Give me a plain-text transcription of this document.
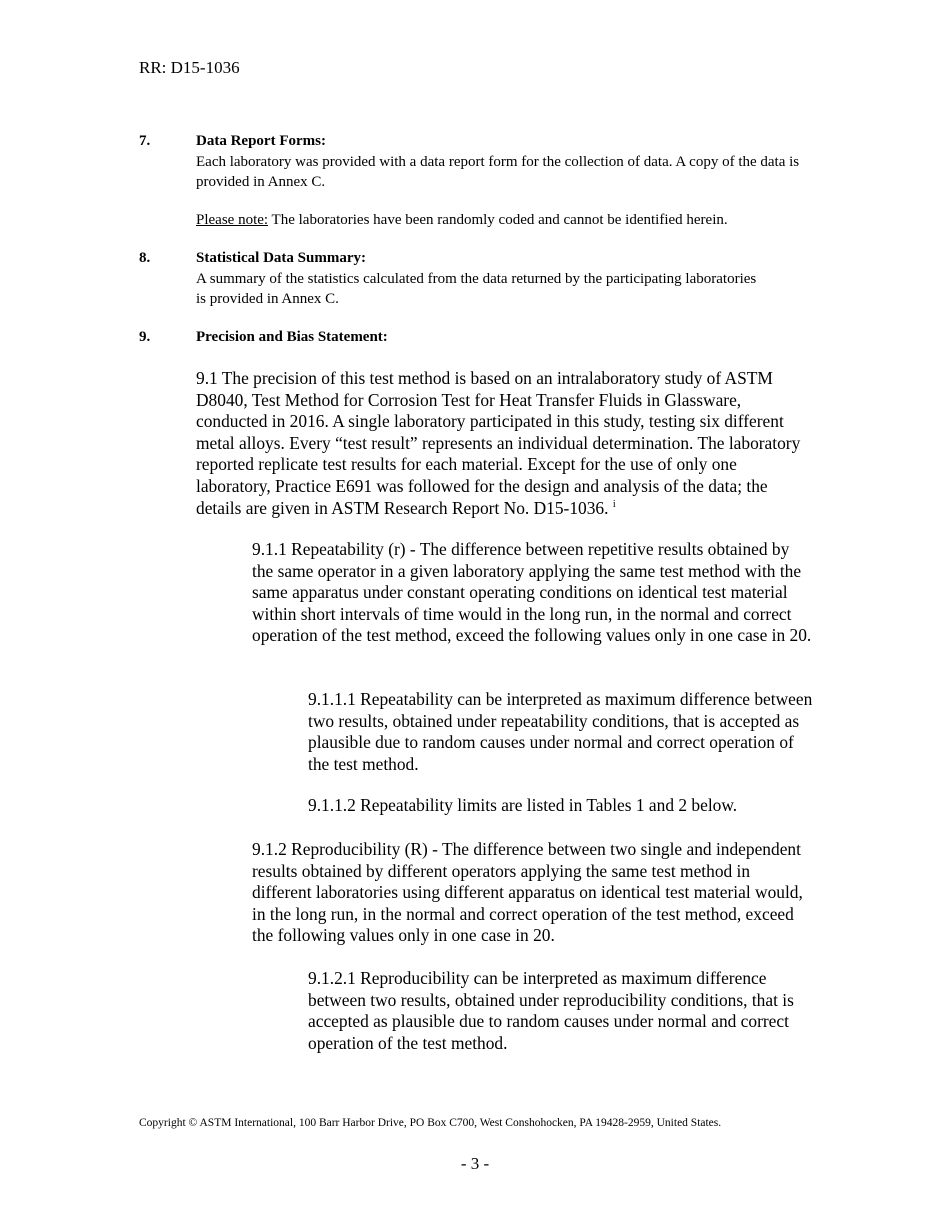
RR: D15-1036
7.	Data Report Forms:
Each laboratory was provided with a data report form for the collection of data. A copy of the data is provided in Annex C.
Please note: The laboratories have been randomly coded and cannot be identified herein.
8.	Statistical Data Summary:
A summary of the statistics calculated from the data returned by the participating laboratories is provided in Annex C.
9.	Precision and Bias Statement:
9.1 The precision of this test method is based on an intralaboratory study of ASTM D8040, Test Method for Corrosion Test for Heat Transfer Fluids in Glassware, conducted in 2016. A single laboratory participated in this study, testing six different metal alloys. Every “test result” represents an individual determination. The laboratory reported replicate test results for each material. Except for the use of only one laboratory, Practice E691 was followed for the design and analysis of the data; the details are given in ASTM Research Report No. D15-1036. $^i$
9.1.1 Repeatability (r) - The difference between repetitive results obtained by the same operator in a given laboratory applying the same test method with the same apparatus under constant operating conditions on identical test material within short intervals of time would in the long run, in the normal and correct operation of the test method, exceed the following values only in one case in 20.
9.1.1.1 Repeatability can be interpreted as maximum difference between two results, obtained under repeatability conditions, that is accepted as plausible due to random causes under normal and correct operation of the test method.
9.1.1.2 Repeatability limits are listed in Tables 1 and 2 below.
9.1.2 Reproducibility (R) - The difference between two single and independent results obtained by different operators applying the same test method in different laboratories using different apparatus on identical test material would, in the long run, in the normal and correct operation of the test method, exceed the following values only in one case in 20.
9.1.2.1 Reproducibility can be interpreted as maximum difference between two results, obtained under reproducibility conditions, that is accepted as plausible due to random causes under normal and correct operation of the test method.
Copyright © ASTM International, 100 Barr Harbor Drive, PO Box C700, West Conshohocken, PA 19428-2959, United States.
- 3 -
